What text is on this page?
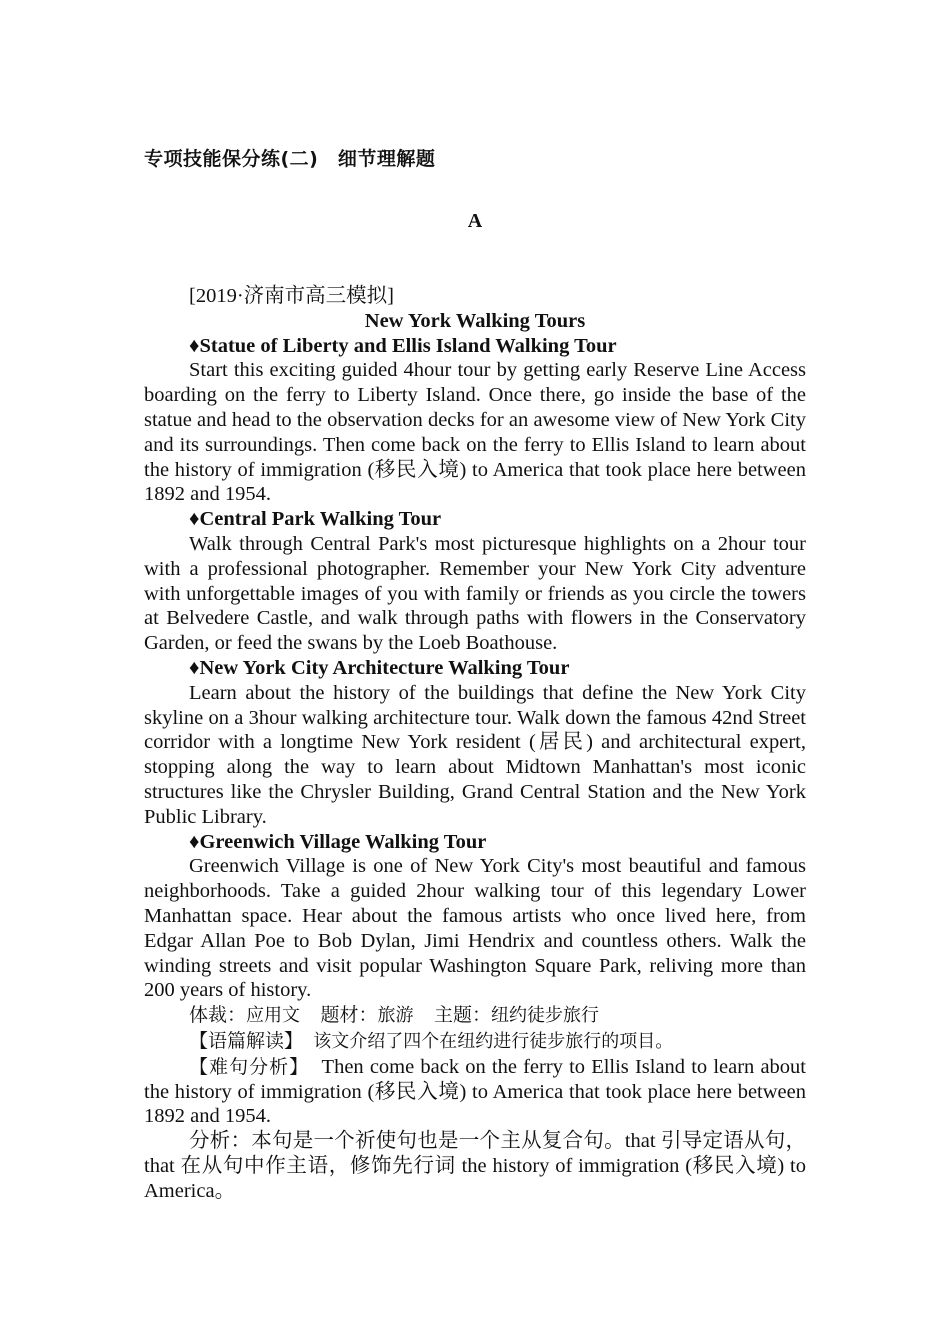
专项技能保分练(二)　细节理解题
A

[2019·济南市高三模拟]

New York Walking Tours

♦Statue of Liberty and Ellis Island Walking Tour

Start this exciting guided 4hour tour by getting early Reserve Line Access boarding on the ferry to Liberty Island. Once there, go inside the base of the statue and head to the observation decks for an awesome view of New York City and its surroundings. Then come back on the ferry to Ellis Island to learn about the history of immigration (移民入境) to America that took place here between 1892 and 1954.

♦Central Park Walking Tour

Walk through Central Park's most picturesque highlights on a 2hour tour with a professional photographer. Remember your New York City adventure with unforgettable images of you with family or friends as you circle the towers at Belvedere Castle, and walk through paths with flowers in the Conservatory Garden, or feed the swans by the Loeb Boathouse.

♦New York City Architecture Walking Tour

Learn about the history of the buildings that define the New York City skyline on a 3hour walking architecture tour. Walk down the famous 42nd Street corridor with a longtime New York resident (居民) and architectural expert, stopping along the way to learn about Midtown Manhattan's most iconic structures like the Chrysler Building, Grand Central Station and the New York Public Library.

♦Greenwich Village Walking Tour

Greenwich Village is one of New York City's most beautiful and famous neighborhoods. Take a guided 2hour walking tour of this legendary Lower Manhattan space. Hear about the famous artists who once lived here, from Edgar Allan Poe to Bob Dylan, Jimi Hendrix and countless others. Walk the winding streets and visit popular Washington Square Park, reliving more than 200 years of history.

体裁：应用文 题材：旅游 主题：纽约徒步旅行

【语篇解读】 该文介绍了四个在纽约进行徒步旅行的项目。

【难句分析】 Then come back on the ferry to Ellis Island to learn about the history of immigration (移民入境) to America that took place here between 1892 and 1954.

分析：本句是一个祈使句也是一个主从复合句。that 引导定语从句，that 在从句中作主语，修饰先行词 the history of immigration (移民入境) to America。
